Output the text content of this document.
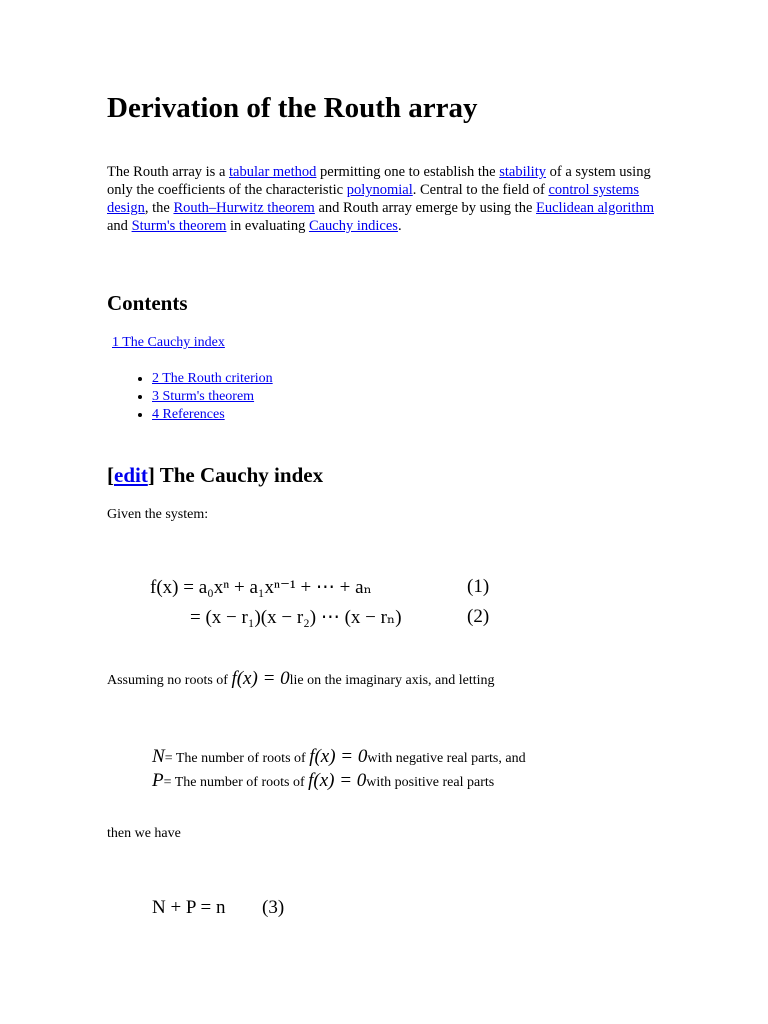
Derivation of the Routh array

The Routh array is a tabular method permitting one to establish the stability of a system using only the coefficients of the characteristic polynomial. Central to the field of control systems design, the Routh–Hurwitz theorem and Routh array emerge by using the Euclidean algorithm and Sturm's theorem in evaluating Cauchy indices.

Contents
1 The Cauchy index
• 2 The Routh criterion
• 3 Sturm's theorem
• 4 References
[edit] The Cauchy index
Given the system:
f(x) = a₀xⁿ + a₁xⁿ⁻¹ + ⋯ + aₙ	(1)
= (x − r₁)(x − r₂) ⋯ (x − rₙ)	(2)
Assuming no roots of f(x) = 0lie on the imaginary axis, and letting
N= The number of roots of f(x) = 0with negative real parts, and
P= The number of roots of f(x) = 0with positive real parts
then we have
N + P = n (3)
